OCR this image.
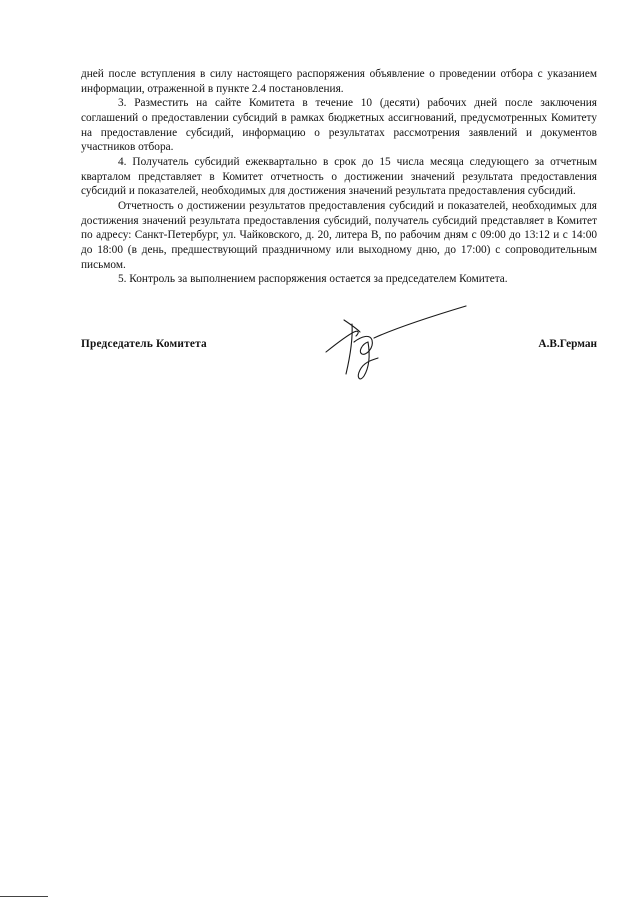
дней после вступления в силу настоящего распоряжения объявление о проведении отбора с указанием информации, отраженной в пункте 2.4 постановления.

3. Разместить на сайте Комитета в течение 10 (десяти) рабочих дней после заключения соглашений о предоставлении субсидий в рамках бюджетных ассигнований, предусмотренных Комитету на предоставление субсидий, информацию о результатах рассмотрения заявлений и документов участников отбора.

4. Получатель субсидий ежеквартально в срок до 15 числа месяца следующего за отчетным кварталом представляет в Комитет отчетность о достижении значений результата предоставления субсидий и показателей, необходимых для достижения значений результата предоставления субсидий.

Отчетность о достижении результатов предоставления субсидий и показателей, необходимых для достижения значений результата предоставления субсидий, получатель субсидий представляет в Комитет по адресу: Санкт-Петербург, ул. Чайковского, д. 20, литера В, по рабочим дням с 09:00 до 13:12 и с 14:00 до 18:00 (в день, предшествующий праздничному или выходному дню, до 17:00) с сопроводительным письмом.

5. Контроль за выполнением распоряжения остается за председателем Комитета.

Председатель Комитета	А.В.Герман
